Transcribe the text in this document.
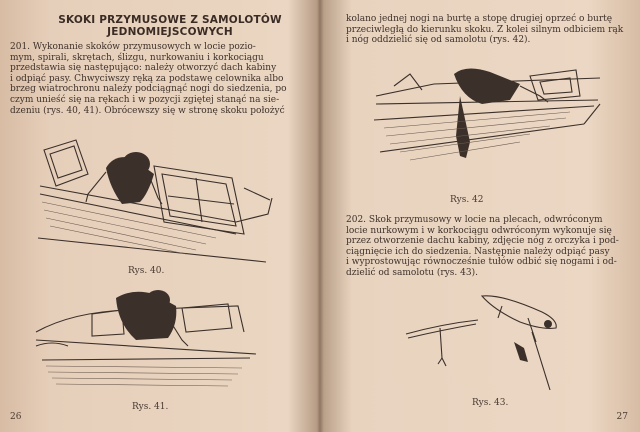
SKOKI PRZYMUSOWE Z SAMOLOTÓW
JEDNOMIEJSCOWYCH
201. Wykonanie skoków przymusowych w locie pozio-
mym, spirali, skrętach, ślizgu, nurkowaniu i korkociągu
przedstawia się następująco: należy otworzyć dach kabiny
i odpiąć pasy. Chwyciwszy ręką za podstawę celownika albo
brzeg wiatrochronu należy podciągnąć nogi do siedzenia, po
czym unieść się na rękach i w pozycji zgiętej stanąć na sie-
dzeniu (rys. 40, 41). Obrócewszy się w stronę skoku położyć
Rys. 40.
Rys. 41.
26
kolano jednej nogi na burtę a stopę drugiej oprzeć o burtę
przeciwległą do kierunku skoku. Z kolei silnym odbiciem rąk
i nóg oddzielić się od samolotu (rys. 42).
Rys. 42
202. Skok przymusowy w locie na plecach, odwróconym
locie nurkowym i w korkociągu odwróconym wykonuje się
przez otworzenie dachu kabiny, zdjęcie nóg z orczyka i pod-
ciągnięcie ich do siedzenia. Następnie należy odpiąć pasy
i wyprostowując równocześnie tułów odbić się nogami i od-
dzielić od samolotu (rys. 43).
Rys. 43.
27
